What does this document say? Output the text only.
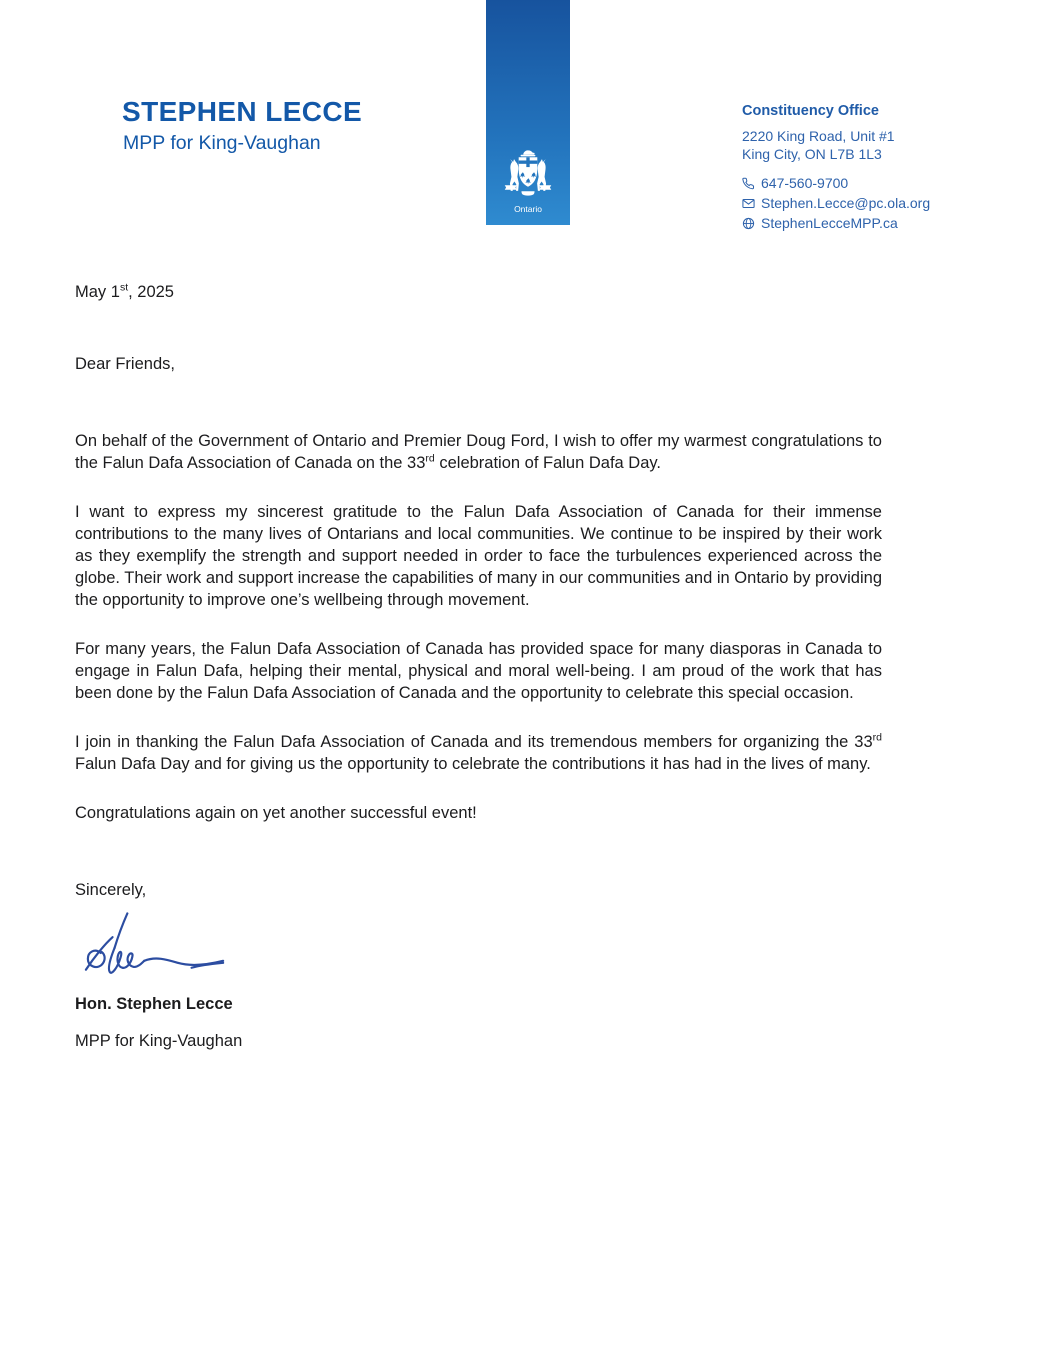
STEPHEN LECCE
MPP for King-Vaughan
Ontario
Constituency Office
2220 King Road, Unit #1
King City, ON L7B 1L3
647-560-9700
Stephen.Lecce@pc.ola.org
StephenLecceMPP.ca
May 1st, 2025
Dear Friends,

On behalf of the Government of Ontario and Premier Doug Ford, I wish to offer my warmest congratulations to the Falun Dafa Association of Canada on the 33rd celebration of Falun Dafa Day.

I want to express my sincerest gratitude to the Falun Dafa Association of Canada for their immense contributions to the many lives of Ontarians and local communities. We continue to be inspired by their work as they exemplify the strength and support needed in order to face the turbulences experienced across the globe. Their work and support increase the capabilities of many in our communities and in Ontario by providing the opportunity to improve one’s wellbeing through movement.

For many years, the Falun Dafa Association of Canada has provided space for many diasporas in Canada to engage in Falun Dafa, helping their mental, physical and moral well-being. I am proud of the work that has been done by the Falun Dafa Association of Canada and the opportunity to celebrate this special occasion.

I join in thanking the Falun Dafa Association of Canada and its tremendous members for organizing the 33rd Falun Dafa Day and for giving us the opportunity to celebrate the contributions it has had in the lives of many.

Congratulations again on yet another successful event!

Sincerely,
Hon. Stephen Lecce
MPP for King-Vaughan
